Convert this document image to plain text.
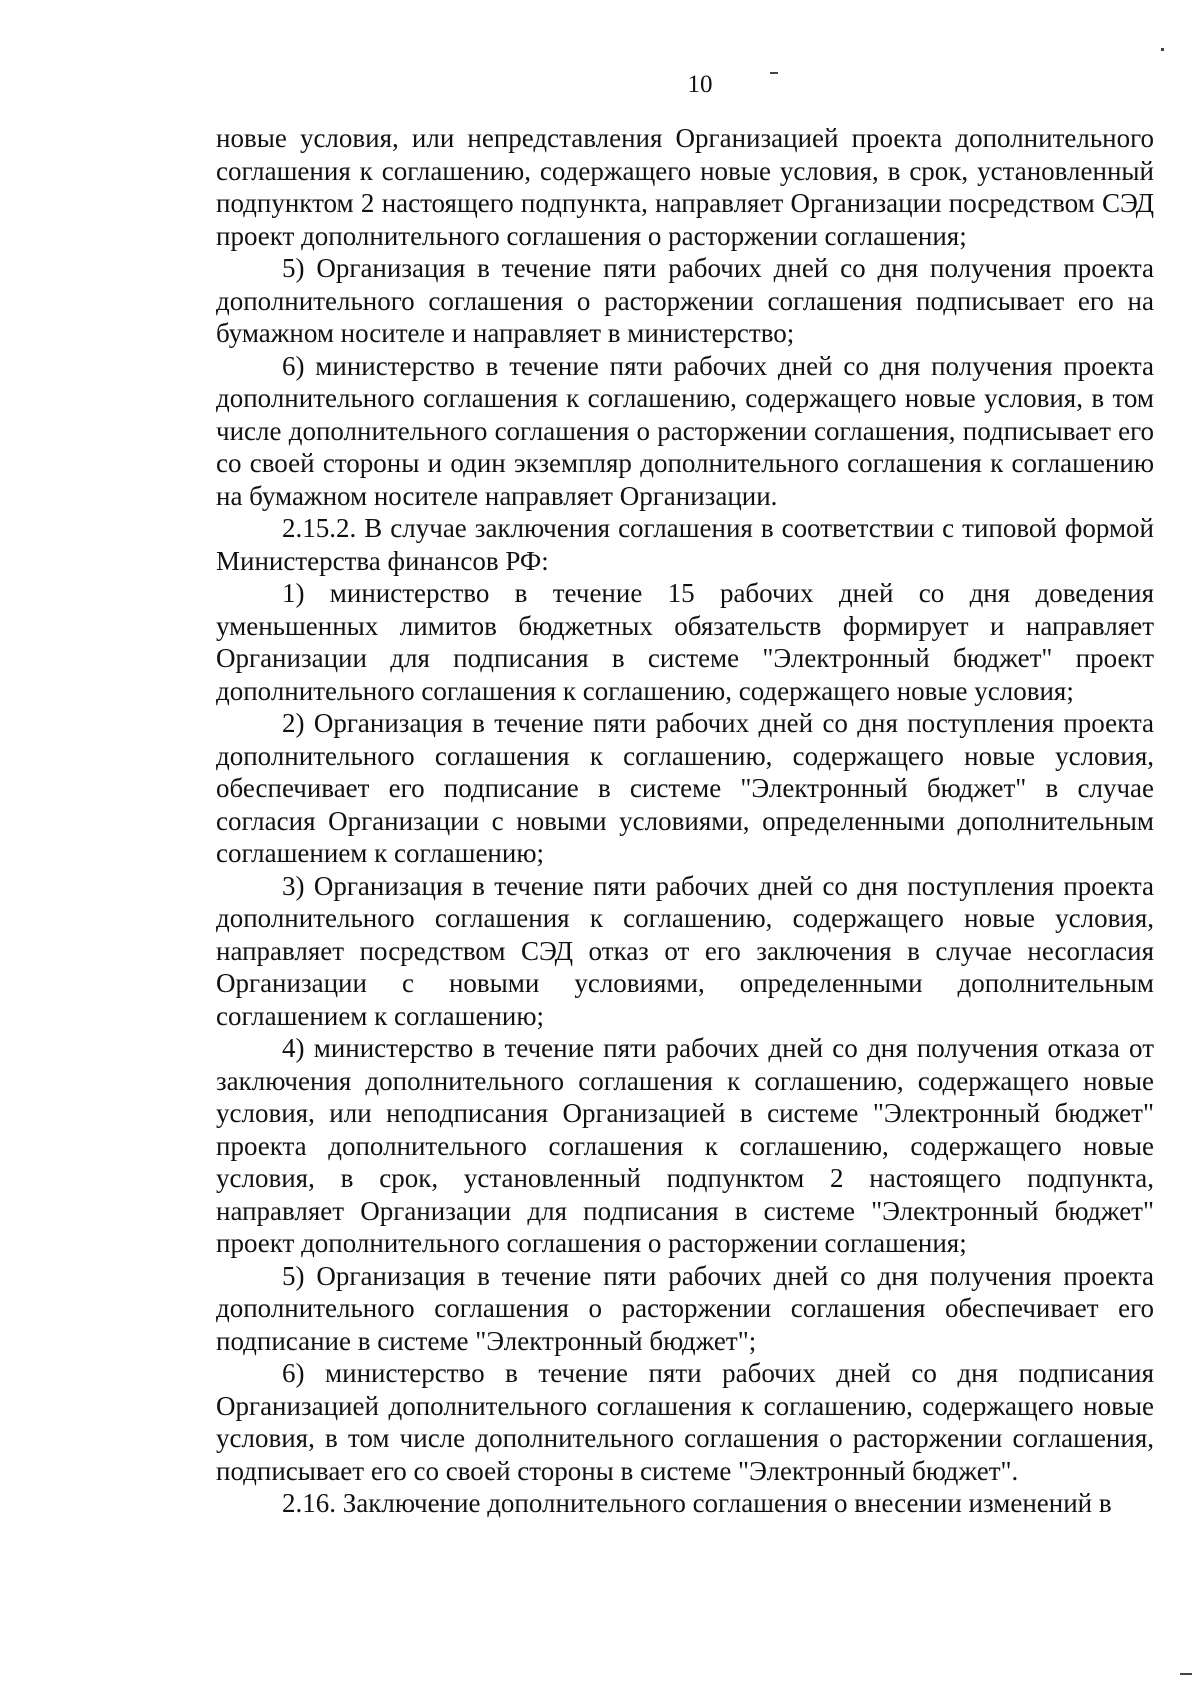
10

новые условия, или непредставления Организацией проекта дополнительного соглашения к соглашению, содержащего новые условия, в срок, установленный подпунктом 2 настоящего подпункта, направляет Организации посредством СЭД проект дополнительного соглашения о расторжении соглашения;

5) Организация в течение пяти рабочих дней со дня получения проекта дополнительного соглашения о расторжении соглашения подписывает его на бумажном носителе и направляет в министерство;

6) министерство в течение пяти рабочих дней со дня получения проекта дополнительного соглашения к соглашению, содержащего новые условия, в том числе дополнительного соглашения о расторжении соглашения, подписывает его со своей стороны и один экземпляр дополнительного соглашения к соглашению на бумажном носителе направляет Организации.

2.15.2. В случае заключения соглашения в соответствии с типовой формой Министерства финансов РФ:

1) министерство в течение 15 рабочих дней со дня доведения уменьшенных лимитов бюджетных обязательств формирует и направляет Организации для подписания в системе "Электронный бюджет" проект дополнительного соглашения к соглашению, содержащего новые условия;

2) Организация в течение пяти рабочих дней со дня поступления проекта дополнительного соглашения к соглашению, содержащего новые условия, обеспечивает его подписание в системе "Электронный бюджет" в случае согласия Организации с новыми условиями, определенными дополнительным соглашением к соглашению;

3) Организация в течение пяти рабочих дней со дня поступления проекта дополнительного соглашения к соглашению, содержащего новые условия, направляет посредством СЭД отказ от его заключения в случае несогласия Организации с новыми условиями, определенными дополнительным соглашением к соглашению;

4) министерство в течение пяти рабочих дней со дня получения отказа от заключения дополнительного соглашения к соглашению, содержащего новые условия, или неподписания Организацией в системе "Электронный бюджет" проекта дополнительного соглашения к соглашению, содержащего новые условия, в срок, установленный подпунктом 2 настоящего подпункта, направляет Организации для подписания в системе "Электронный бюджет" проект дополнительного соглашения о расторжении соглашения;

5) Организация в течение пяти рабочих дней со дня получения проекта дополнительного соглашения о расторжении соглашения обеспечивает его подписание в системе "Электронный бюджет";

6) министерство в течение пяти рабочих дней со дня подписания Организацией дополнительного соглашения к соглашению, содержащего новые условия, в том числе дополнительного соглашения о расторжении соглашения, подписывает его со своей стороны в системе "Электронный бюджет".

2.16. Заключение дополнительного соглашения о внесении изменений в
